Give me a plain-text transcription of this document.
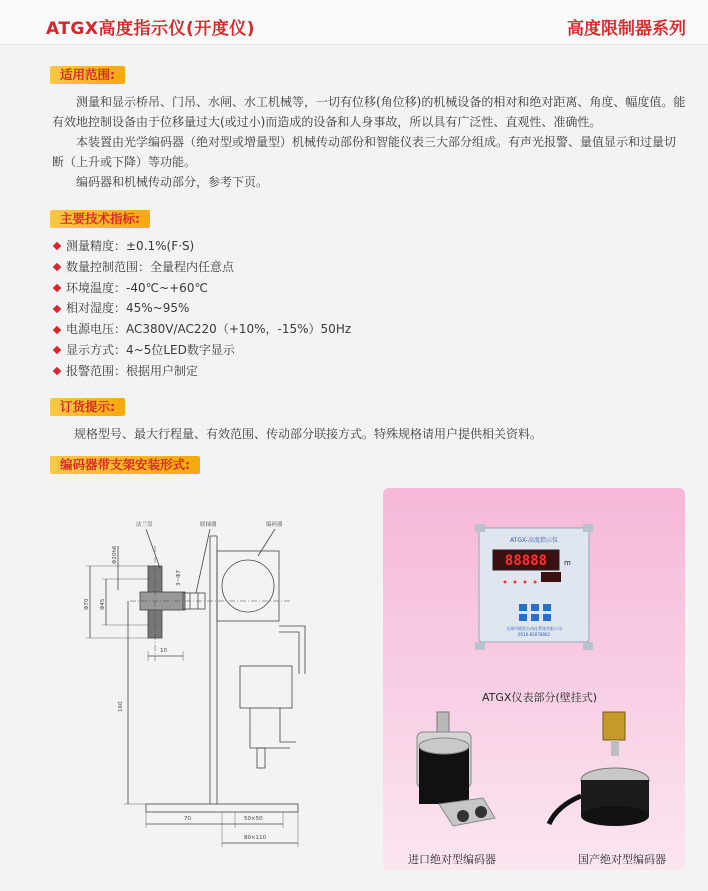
ATGX高度指示仪(开度仪)	高度限制器系列
适用范围:

测量和显示桥吊、门吊、水闸、水工机械等，一切有位移(角位移)的机械设备的相对和绝对距离、角度、幅度值。能有效地控制设备由于位移量过大(或过小)而造成的设备和人身事故，所以具有广泛性、直观性、准确性。

本装置由光学编码器（绝对型或增量型）机械传动部份和智能仪表三大部分组成。有声光报警、量值显示和过量切断（上升或下降）等功能。

编码器和机械传动部分，参考下页。

主要技术指标:
测量精度：±0.1%(F·S)
数量控制范围：全量程内任意点
环境温度：-40℃~+60℃
相对湿度：45%~95%
电源电压：AC380V/AC220（+10%，-15%）50Hz
显示方式：4~5位LED数字显示
报警范围：根据用户制定
订货提示:
规格型号、最大行程量、有效范围、传动部分联接方式。特殊规格请用户提供相关资料。
编码器带支架安装形式:
法兰盘	联轴器	编码器
Φ20h6
Φ70 Φ45
3~Φ7
10
160
70	50×50
80×110
ATGX-高度指示仪
88888 m
无锡市精会自动化系统有限公司
0510-83078802
ATGX仪表部分(壁挂式)
进口绝对型编码器	国产绝对型编码器
